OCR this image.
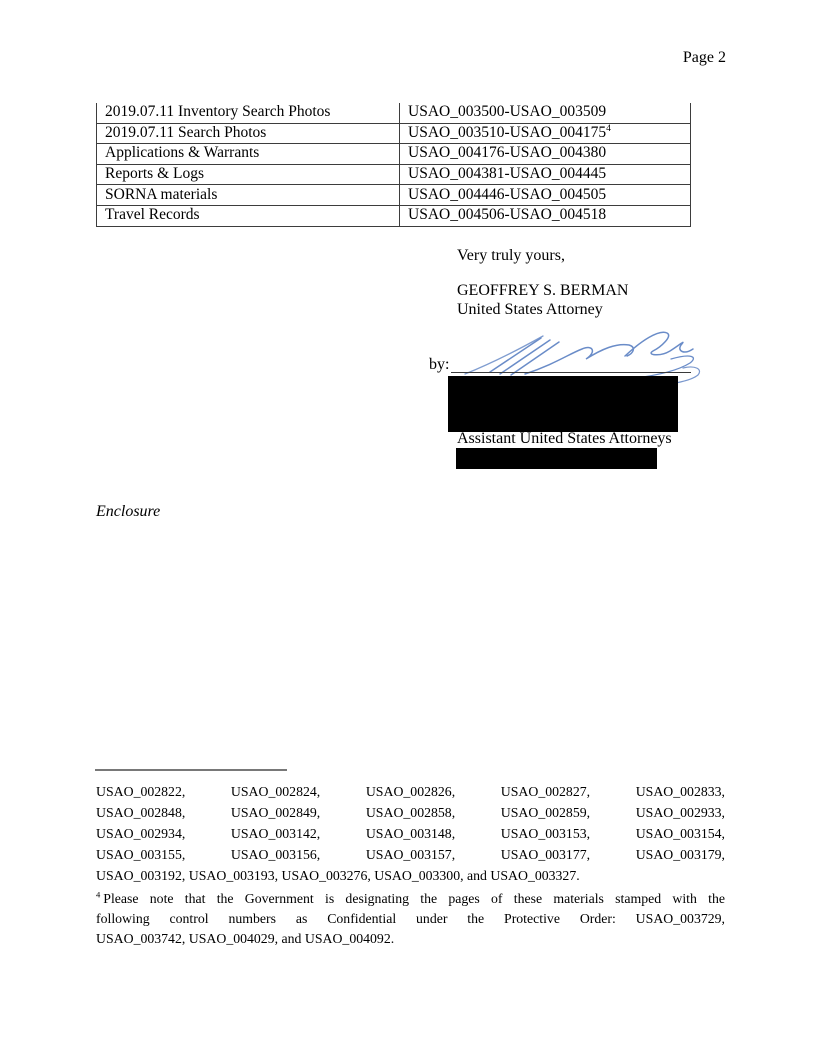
Page 2
2019.07.11 Inventory Search Photos	USAO_003500-USAO_003509
2019.07.11 Search Photos	USAO_003510-USAO_004175$^4$
Applications & Warrants	USAO_004176-USAO_004380
Reports & Logs	USAO_004381-USAO_004445
SORNA materials	USAO_004446-USAO_004505
Travel Records	USAO_004506-USAO_004518
Very truly yours,
GEOFFREY S. BERMAN
United States Attorney
by:
Assistant United States Attorneys
Enclosure
USAO_002822, USAO_002824, USAO_002826, USAO_002827, USAO_002833,
USAO_002848, USAO_002849, USAO_002858, USAO_002859, USAO_002933,
USAO_002934, USAO_003142, USAO_003148, USAO_003153, USAO_003154,
USAO_003155, USAO_003156, USAO_003157, USAO_003177, USAO_003179,
USAO_003192, USAO_003193, USAO_003276, USAO_003300, and USAO_003327.
$^4$ Please note that the Government is designating the pages of these materials stamped with the
following control numbers as Confidential under the Protective Order: USAO_003729,
USAO_003742, USAO_004029, and USAO_004092.
